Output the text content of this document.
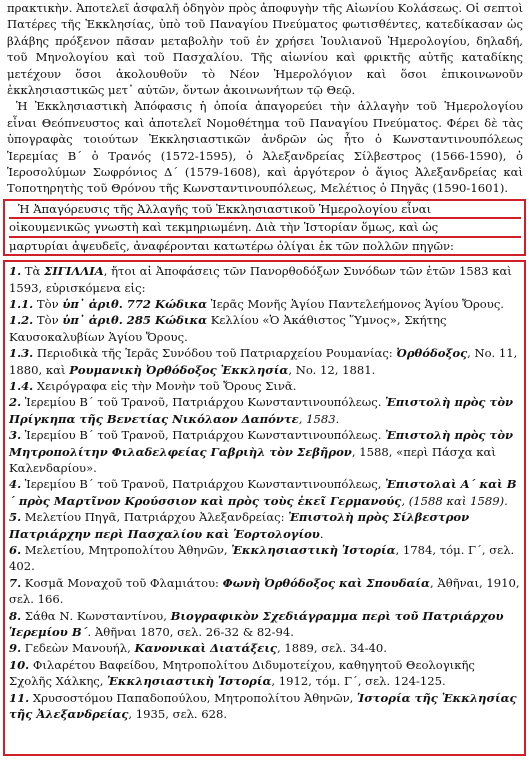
πρακτικὴν. Ἀποτελεῖ ἀσφαλῆ ὁδηγὸν πρὸς ἀποφυγὴν τῆς Αἰωνίου Κολάσεως. Οἱ σεπτοὶ Πατέρες τῆς Ἐκκλησίας, ὑπὸ τοῦ Παναγίου Πνεύματος φωτισθέντες, κατεδίκασαν ὡς βλάβης πρόξενον πᾶσαν μεταβολὴν τοῦ ἐν χρήσει Ἰουλιανοῦ Ἡμερολογίου, δηλαδή, τοῦ Μηνολογίου καὶ τοῦ Πασχαλίου. Τῆς αἰωνίου καὶ φρικτῆς αὐτῆς καταδίκης μετέχουν ὅσοι ἀκολουθοῦν τὸ Νέον Ἡμερολόγιον καὶ ὅσοι ἐπικοινωνοῦν ἐκκλησιαστικῶς μετ᾽ αὐτῶν, ὄντων ἀκοινωνήτων τῷ Θεῷ.

Ἡ Ἐκκλησιαστικὴ Ἀπόφασις ἡ ὁποία ἀπαγορεύει τὴν ἀλλαγὴν τοῦ Ἡμερολογίου εἶναι Θεόπνευστος καὶ ἀποτελεῖ Νομοθέτημα τοῦ Παναγίου Πνεύματος. Φέρει δὲ τὰς ὑπογραφὰς τοιούτων Ἐκκλησιαστικῶν ἀνδρῶν ὡς ἦτο ὁ Κωνσταντινουπόλεως Ἱερεμίας Β´ ὁ Τρανός (1572-1595), ὁ Ἀλεξανδρείας Σίλβεστρος (1566-1590), ὁ Ἱεροσολύμων Σωφρόνιος Δ´ (1579-1608), καὶ ἀργότερον ὁ ἅγιος Ἀλεξανδρείας καὶ Τοποτηρητὴς τοῦ Θρόνου τῆς Κωνσταντινουπόλεως, Μελέτιος ὁ Πηγᾶς (1590-1601).

Ἡ Ἀπαγόρευσις τῆς Ἀλλαγῆς τοῦ Ἐκκλησιαστικοῦ Ἡμερολογίου εἶναι
οἰκουμενικῶς γνωστὴ καὶ τεκμηριωμένη. Διὰ τὴν Ἱστορίαν ὅμως, καὶ ὡς
μαρτυρίαι ἀψευδεῖς, ἀναφέρονται κατωτέρω ὀλίγαι ἐκ τῶν πολλῶν πηγῶν:

1. Τὰ ΣΙΓΙΛΛΙΑ, ἤτοι αἱ Ἀποφάσεις τῶν Πανορθοδόξων Συνόδων τῶν ἐτῶν 1583 καὶ 1593, εὑρισκόμενα εἰς:

1.1. Τὸν ὑπ᾽ ἀριθ. 772 Κώδικα Ἱερᾶς Μονῆς Ἁγίου Παντελεήμονος Ἁγίου Ὄρους.

1.2. Τὸν ὑπ᾽ ἀριθ. 285 Κώδικα Κελλίου «Ὁ Ἀκάθιστος Ὕμνος», Σκήτης Καυσοκαλυβίων Ἁγίου Ὄρους.

1.3. Περιοδικὰ τῆς Ἱερᾶς Συνόδου τοῦ Πατριαρχείου Ρουμανίας: Ὀρθόδοξος, No. 11, 1880, καὶ Ρουμανικὴ Ὀρθόδοξος Ἐκκλησία, No. 12, 1881.

1.4. Χειρόγραφα εἰς τὴν Μονὴν τοῦ Ὄρους Σινᾶ.

2. Ἱερεμίου Β´ τοῦ Τρανοῦ, Πατριάρχου Κωνσταντινουπόλεως. Ἐπιστολὴ πρὸς τὸν Πρίγκηπα τῆς Βενετίας Νικόλαον Δαπόντε, 1583.

3. Ἱερεμίου Β´ τοῦ Τρανοῦ, Πατριάρχου Κωνσταντινουπόλεως. Ἐπιστολὴ πρὸς τὸν Μητροπολίτην Φιλαδελφείας Γαβριὴλ τὸν Σεβῆρον, 1588, «περὶ Πάσχα καὶ Καλενδαρίου».

4. Ἱερεμίου Β´ τοῦ Τρανοῦ, Πατριάρχου Κωνσταντινουπόλεως, Ἐπιστολαὶ Α´ καὶ Β´ πρὸς Μαρτῖνον Κρούσσιον καὶ πρὸς τοὺς ἐκεῖ Γερμανούς, (1588 καὶ 1589).

5. Μελετίου Πηγᾶ, Πατριάρχου Ἀλεξανδρείας: Ἐπιστολὴ πρὸς Σίλβεστρον Πατριάρχην περὶ Πασχαλίου καὶ Ἑορτολογίου.

6. Μελετίου, Μητροπολίτου Ἀθηνῶν, Ἐκκλησιαστικὴ Ἱστορία, 1784, τόμ. Γ´, σελ. 402.

7. Κοσμᾶ Μοναχοῦ τοῦ Φλαμιάτου: Φωνὴ Ὀρθόδοξος καὶ Σπουδαία, Ἀθῆναι, 1910, σελ. 166.

8. Σάθα Ν. Κωνσταντίνου, Βιογραφικὸν Σχεδιάγραμμα περὶ τοῦ Πατριάρχου Ἱερεμίου Β´. Ἀθῆναι 1870, σελ. 26-32 & 82-94.

9. Γεδεὼν Μανουήλ, Κανονικαὶ Διατάξεις, 1889, σελ. 34-40.

10. Φιλαρέτου Βαφείδου, Μητροπολίτου Διδυμοτείχου, καθηγητοῦ Θεολογικῆς Σχολῆς Χάλκης, Ἐκκλησιαστικὴ Ἱστορία, 1912, τόμ. Γ´, σελ. 124-125.

11. Χρυσοστόμου Παπαδοπούλου, Μητροπολίτου Ἀθηνῶν, Ἱστορία τῆς Ἐκκλησίας τῆς Ἀλεξανδρείας, 1935, σελ. 628.
